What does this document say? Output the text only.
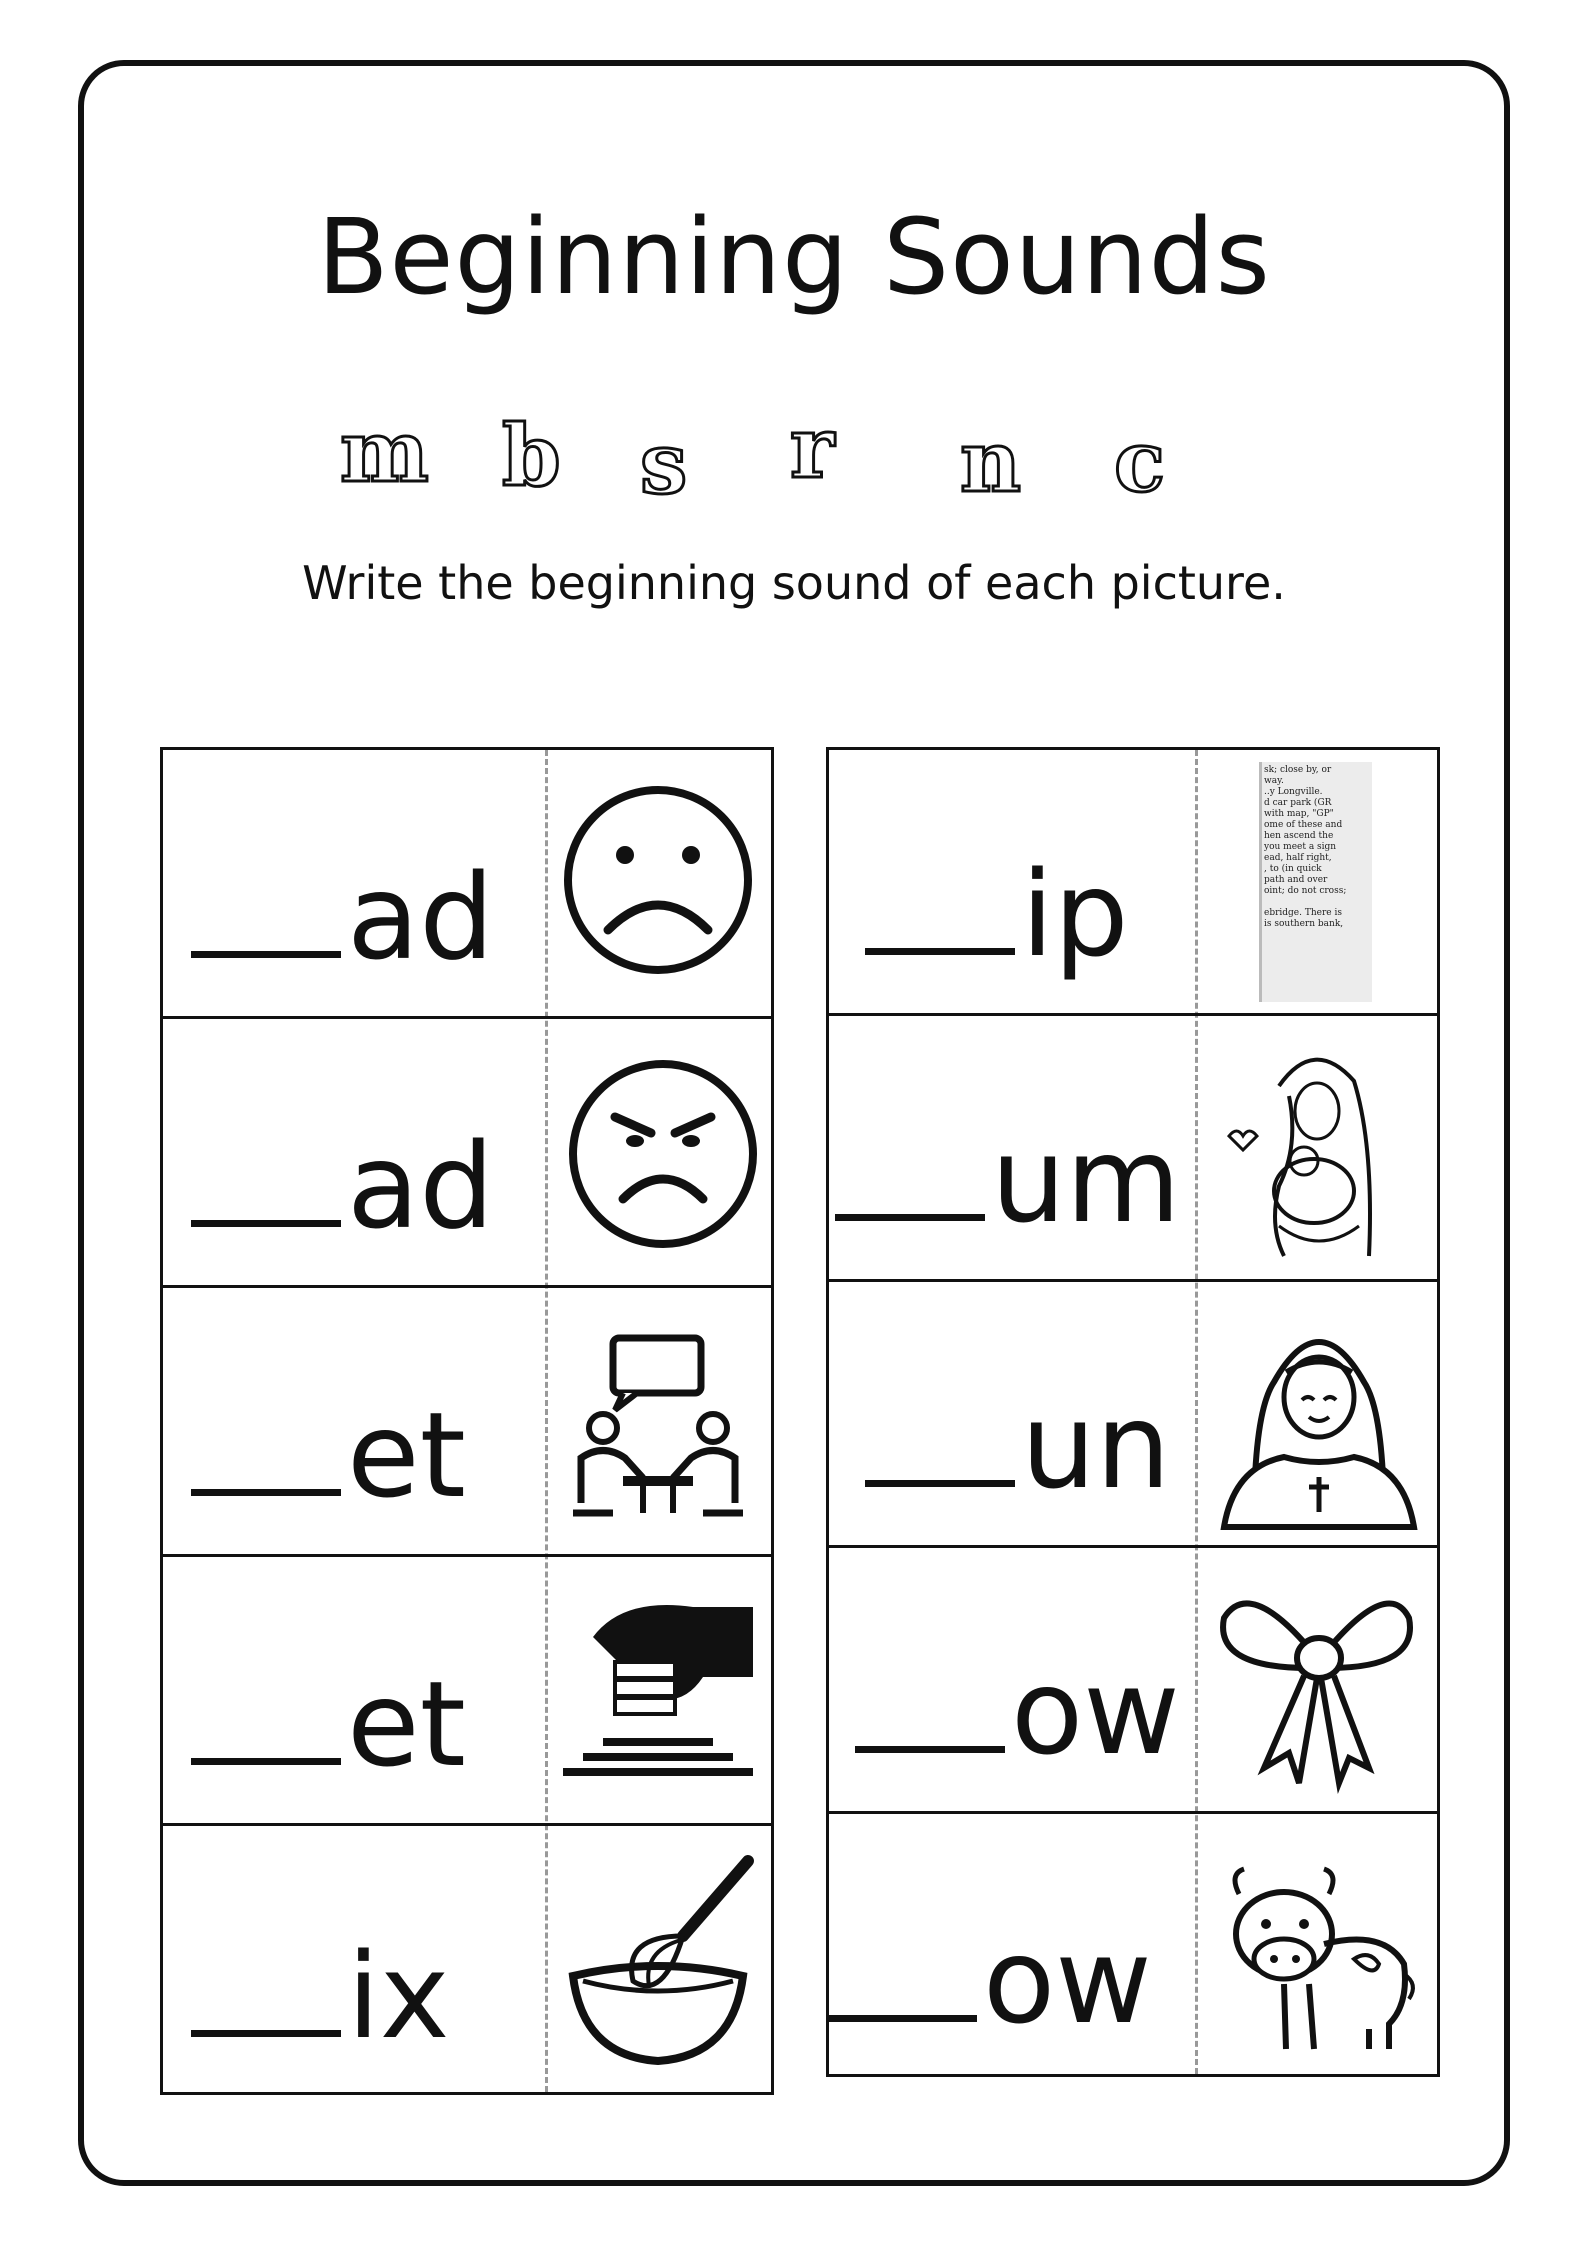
Beginning Sounds
m b s r n c
Write the beginning sound of each picture.
ad
ad
et
et
ix
ip
sk; close by, or
way.
..y Longville.
d car park (GR
with map, "GP"
ome of these and
hen ascend the
you meet a sign
ead, half right,
, to (in quick
path and over
oint; do not cross;

ebridge. There is
is southern bank,
um
un
ow
ow
